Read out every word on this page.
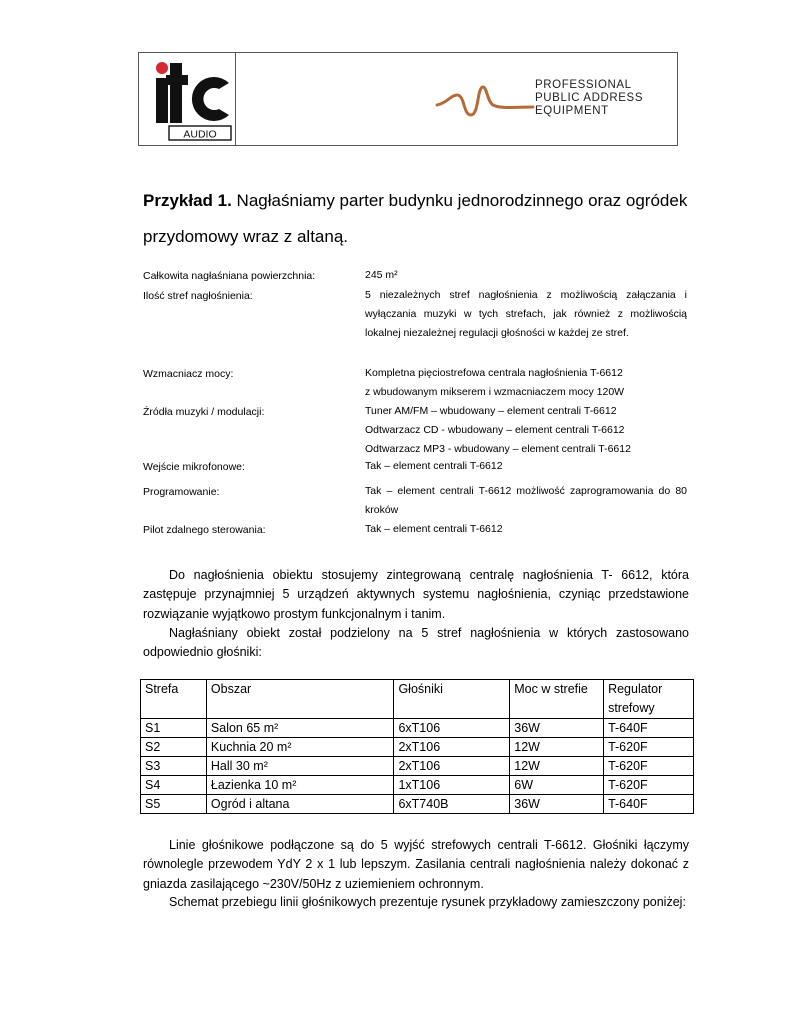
AUDIO
PROFESSIONAL
PUBLIC ADDRESS
EQUIPMENT
Przykład 1. Nagłaśniamy parter budynku jednorodzinnego oraz ogródek
przydomowy wraz z altaną.
Całkowita nagłaśniana powierzchnia:	245 m²
Ilość stref nagłośnienia:	5 niezależnych stref nagłośnienia z możliwością załączania i wyłączania muzyki w tych strefach, jak również z możliwością lokalnej niezależnej regulacji głośności w każdej ze stref.
Wzmacniacz mocy:	Kompletna pięciostrefowa centrala nagłośnienia T-6612
z wbudowanym mikserem i wzmacniaczem mocy 120W
Źródła muzyki / modulacji:	Tuner AM/FM – wbudowany – element centrali T-6612
Odtwarzacz CD - wbudowany – element centrali T-6612
Odtwarzacz MP3 - wbudowany – element centrali T-6612
Wejście mikrofonowe:	Tak – element centrali T-6612
Programowanie:	Tak – element centrali T-6612 możliwość zaprogramowania do 80 kroków
Pilot zdalnego sterowania:	Tak – element centrali T-6612
Do nagłośnienia obiektu stosujemy zintegrowaną centralę nagłośnienia T- 6612, która zastępuje przynajmniej 5 urządzeń aktywnych systemu nagłośnienia, czyniąc przedstawione rozwiązanie wyjątkowo prostym funkcjonalnym i tanim.
Nagłaśniany obiekt został podzielony na 5 stref nagłośnienia w których zastosowano odpowiednio głośniki:
Strefa	Obszar	Głośniki	Moc w strefie	Regulator strefowy
S1	Salon 65 m²	6xT106	36W	T-640F
S2	Kuchnia 20 m²	2xT106	12W	T-620F
S3	Hall 30 m²	2xT106	12W	T-620F
S4	Łazienka 10 m²	1xT106	6W	T-620F
S5	Ogród i altana	6xT740B	36W	T-640F
Linie głośnikowe podłączone są do 5 wyjść strefowych centrali T-6612. Głośniki łączymy równolegle przewodem YdY 2 x 1 lub lepszym. Zasilania centrali nagłośnienia należy dokonać z gniazda zasilającego ~230V/50Hz z uziemieniem ochronnym.
Schemat przebiegu linii głośnikowych prezentuje rysunek przykładowy zamieszczony poniżej:
